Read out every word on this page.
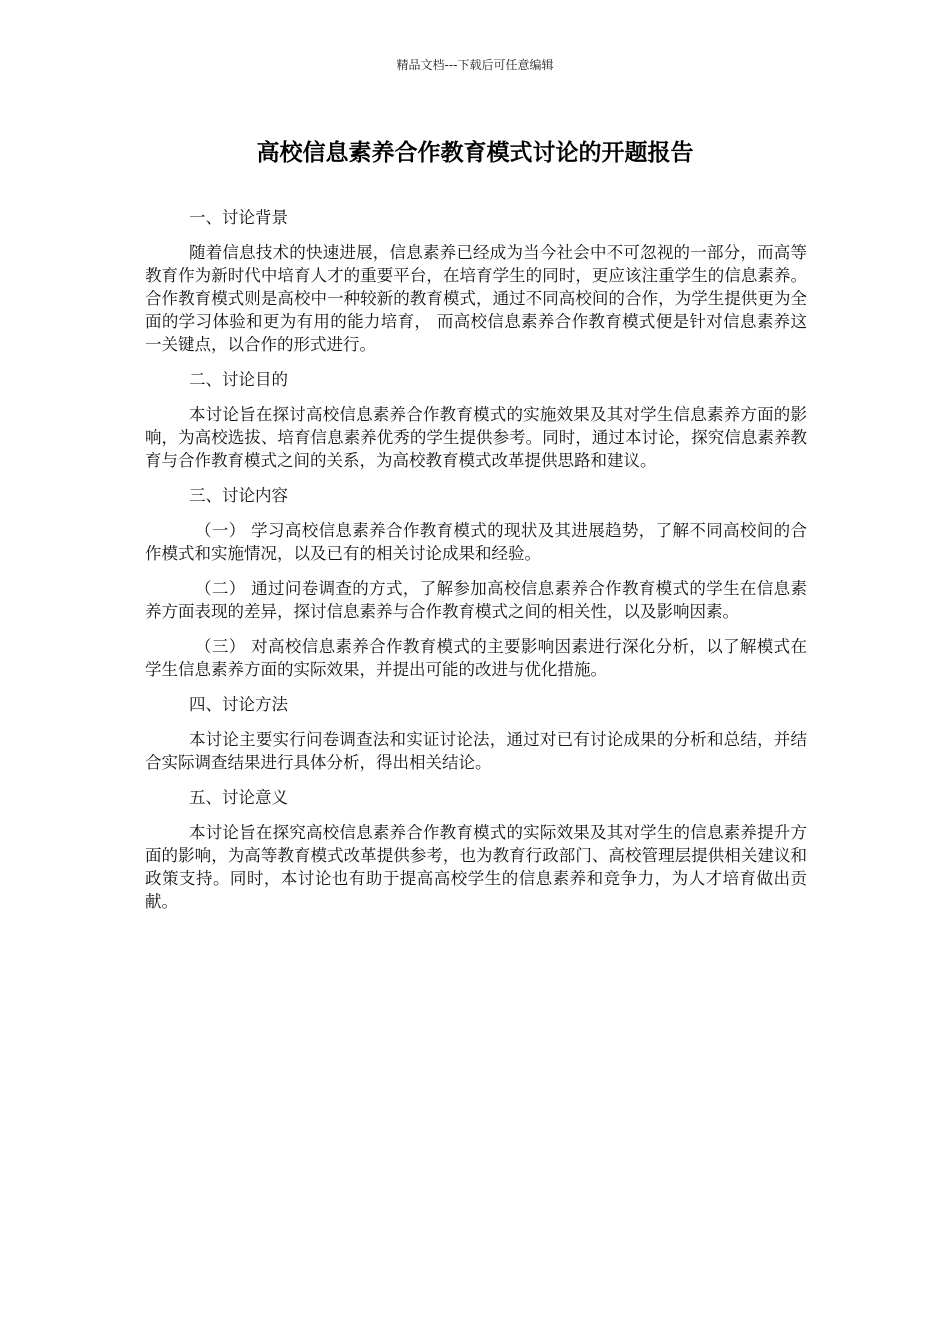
精品文档---下载后可任意编辑
高校信息素养合作教育模式讨论的开题报告
一、讨论背景

随着信息技术的快速进展，信息素养已经成为当今社会中不可忽视的一部分，而高等教育作为新时代中培育人才的重要平台，在培育学生的同时，更应该注重学生的信息素养。合作教育模式则是高校中一种较新的教育模式，通过不同高校间的合作，为学生提供更为全面的学习体验和更为有用的能力培育， 而高校信息素养合作教育模式便是针对信息素养这一关键点，以合作的形式进行。

二、讨论目的

本讨论旨在探讨高校信息素养合作教育模式的实施效果及其对学生信息素养方面的影响，为高校选拔、培育信息素养优秀的学生提供参考。同时，通过本讨论，探究信息素养教育与合作教育模式之间的关系，为高校教育模式改革提供思路和建议。

三、讨论内容

（一） 学习高校信息素养合作教育模式的现状及其进展趋势，了解不同高校间的合作模式和实施情况，以及已有的相关讨论成果和经验。

（二） 通过问卷调查的方式，了解参加高校信息素养合作教育模式的学生在信息素养方面表现的差异，探讨信息素养与合作教育模式之间的相关性，以及影响因素。

（三） 对高校信息素养合作教育模式的主要影响因素进行深化分析，以了解模式在学生信息素养方面的实际效果，并提出可能的改进与优化措施。

四、讨论方法

本讨论主要实行问卷调查法和实证讨论法，通过对已有讨论成果的分析和总结，并结合实际调查结果进行具体分析，得出相关结论。

五、讨论意义

本讨论旨在探究高校信息素养合作教育模式的实际效果及其对学生的信息素养提升方面的影响，为高等教育模式改革提供参考，也为教育行政部门、高校管理层提供相关建议和政策支持。同时，本讨论也有助于提高高校学生的信息素养和竞争力，为人才培育做出贡献。
